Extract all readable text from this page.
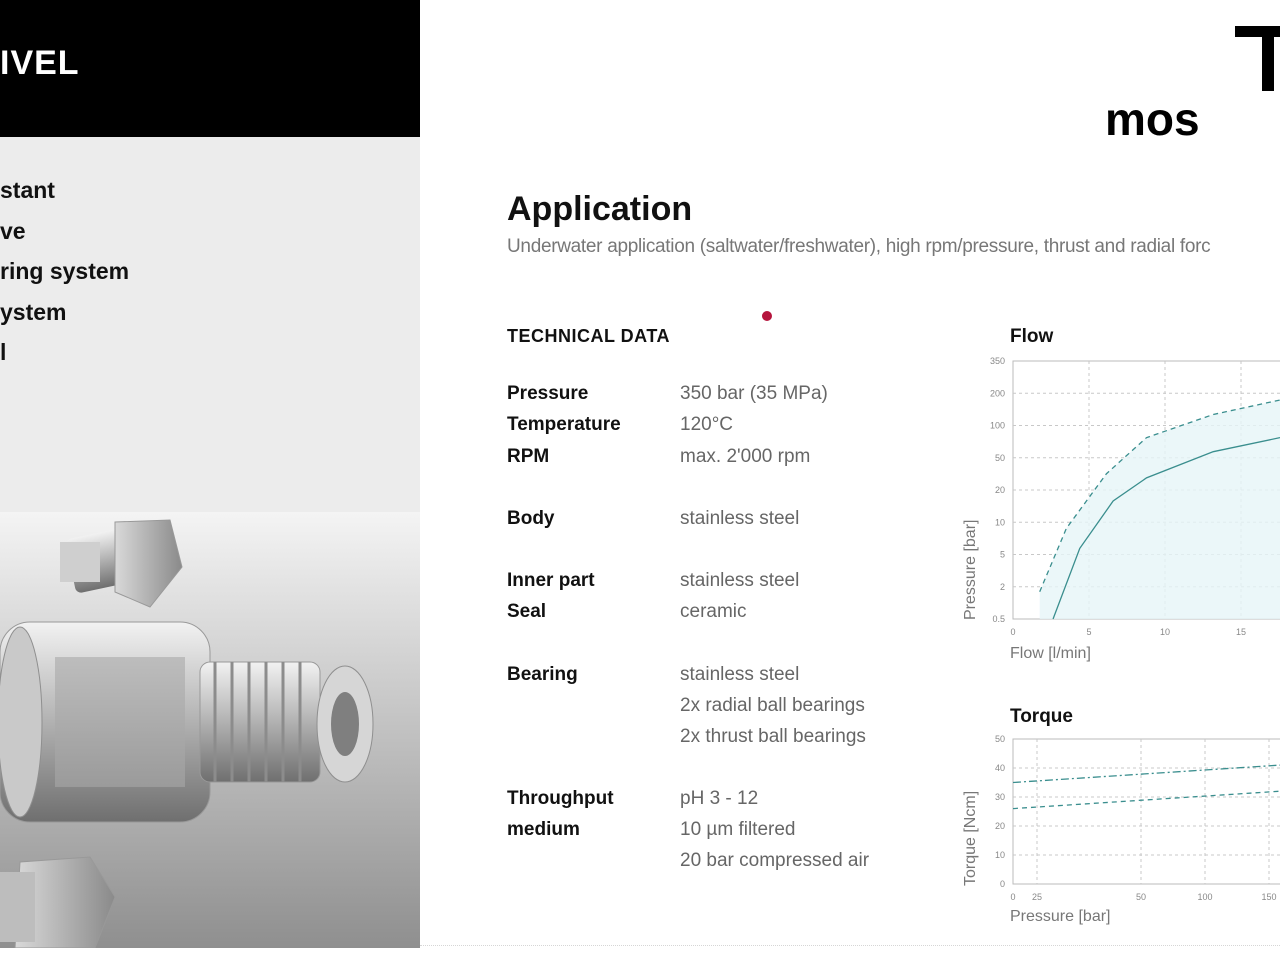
IVEL
stant
ve
ring system
ystem
l
mos
Application
Underwater application (saltwater/freshwater), high rpm/pressure, thrust and radial forc
TECHNICAL DATA
Pressure	350 bar (35 MPa)
Temperature	120°C
RPM	max. 2'000 rpm
Body	stainless steel
Inner part	stainless steel
Seal	ceramic
Bearing	stainless steel
2x radial ball bearings
2x thrust ball bearings
Throughput	pH 3 - 12
medium	10 µm filtered
20 bar compressed air
Flow
350
200
100
50
20
10
5
2
0.5
0	5	10	15
Flow [l/min]
Pressure [bar]
Torque
50
40
30
20
10
0
0 25	50	100	150
Pressure [bar]
Torque [Ncm]
